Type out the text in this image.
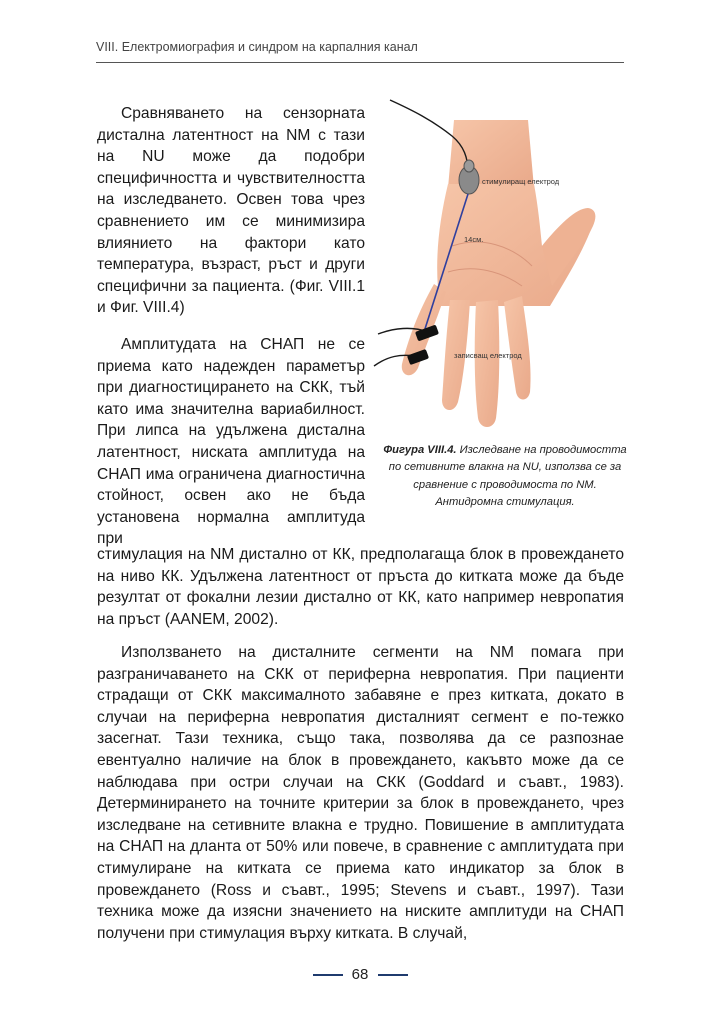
VIII. Електромиография и синдром на карпалния канал

Сравняването на сензорната дистална латентност на NM с тази на NU може да подобри специфичността и чувствителността на изследването. Освен това чрез сравнението им се минимизира влиянието на фактори като температура, възраст, ръст и други специфични за пациента. (Фиг. VIII.1 и Фиг. VIII.4)

Амплитудата на СНАП не се приема като надежден параметър при диагностицирането на СКК, тъй като има значителна вариабилност. При липса на удължена дистална латентност, ниската амплитуда на СНАП има ограничена диагностична стойност, освен ако не бъда установена нормална амплитуда при

стимулация на NM дистално от КК, предполагаща блок в провеждането на ниво КК. Удължена латентност от пръста до китката може да бъде резултат от фокални лезии дистално от КК, като например невропатия на пръст (AANEM, 2002).

Използването на дисталните сегменти на NM помага при разграничаването на СКК от периферна невропатия. При пациенти страдащи от СКК максималното забавяне е през китката, докато в случаи на периферна невропатия дисталният сегмент е по-тежко засегнат. Тази техника, също така, позволява да се разпознае евентуално наличие на блок в провеждането, какъвто може да се наблюдава при остри случаи на СКК (Goddard и съавт., 1983). Детерминирането на точните критерии за блок в провеждането, чрез изследване на сетивните влакна е трудно. Повишение в амплитудата на СНАП на дланта от 50% или повече, в сравнение с амплитудата при стимулиране на китката се приема като индикатор за блок в провеждането (Ross и съавт., 1995; Stevens и съавт., 1997). Тази техника може да изясни значението на ниските амплитуди на СНАП получени при стимулация върху китката. В случай,

стимулиращ електрод
14см.
записващ електрод
Фигура VIII.4. Изследване на проводимостта по сетивните влакна на NU, използва се за сравнение с проводимоста по NM. Антидромна стимулация.
68
